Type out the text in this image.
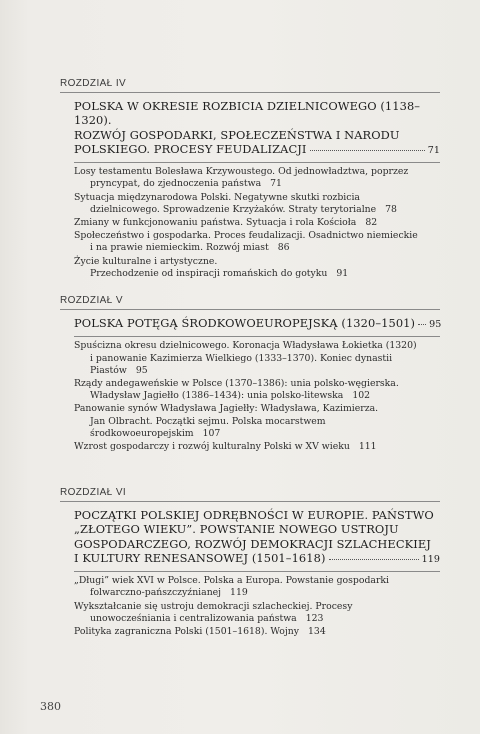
ROZDZIAŁ IV
POLSKA W OKRESIE ROZBICIA DZIELNICOWEGO (1138–1320).
ROZWÓJ GOSPODARKI, SPOŁECZEŃSTWA I NARODU
POLSKIEGO. PROCESY FEUDALIZACJI	71
Losy testamentu Bolesława Krzywoustego. Od jednowładztwa, poprzez
pryncypat, do zjednoczenia państwa 71
Sytuacja międzynarodowa Polski. Negatywne skutki rozbicia
dzielnicowego. Sprowadzenie Krzyżaków. Straty terytorialne 78
Zmiany w funkcjonowaniu państwa. Sytuacja i rola Kościoła 82
Społeczeństwo i gospodarka. Proces feudalizacji. Osadnictwo niemieckie
i na prawie niemieckim. Rozwój miast 86
Życie kulturalne i artystyczne.
Przechodzenie od inspiracji romańskich do gotyku 91
ROZDZIAŁ V
POLSKA POTĘGĄ ŚRODKOWOEUROPEJSKĄ (1320–1501) 95
Spuścizna okresu dzielnicowego. Koronacja Władysława Łokietka (1320)
i panowanie Kazimierza Wielkiego (1333–1370). Koniec dynastii
Piastów 95
Rządy andegaweńskie w Polsce (1370–1386): unia polsko-węgierska.
Władysław Jagiełło (1386–1434): unia polsko-litewska 102
Panowanie synów Władysława Jagiełły: Władysława, Kazimierza.
Jan Olbracht. Początki sejmu. Polska mocarstwem
środkowoeuropejskim 107
Wzrost gospodarczy i rozwój kulturalny Polski w XV wieku 111
ROZDZIAŁ VI
POCZĄTKI POLSKIEJ ODRĘBNOŚCI W EUROPIE. PAŃSTWO
„ZŁOTEGO WIEKU”. POWSTANIE NOWEGO USTROJU
GOSPODARCZEGO, ROZWÓJ DEMOKRACJI SZLACHECKIEJ
I KULTURY RENESANSOWEJ (1501–1618)	119
„Długi” wiek XVI w Polsce. Polska a Europa. Powstanie gospodarki
folwarczno-pańszczyźnianej 119
Wykształcanie się ustroju demokracji szlacheckiej. Procesy
unowocześniania i centralizowania państwa 123
Polityka zagraniczna Polski (1501–1618). Wojny 134
380
